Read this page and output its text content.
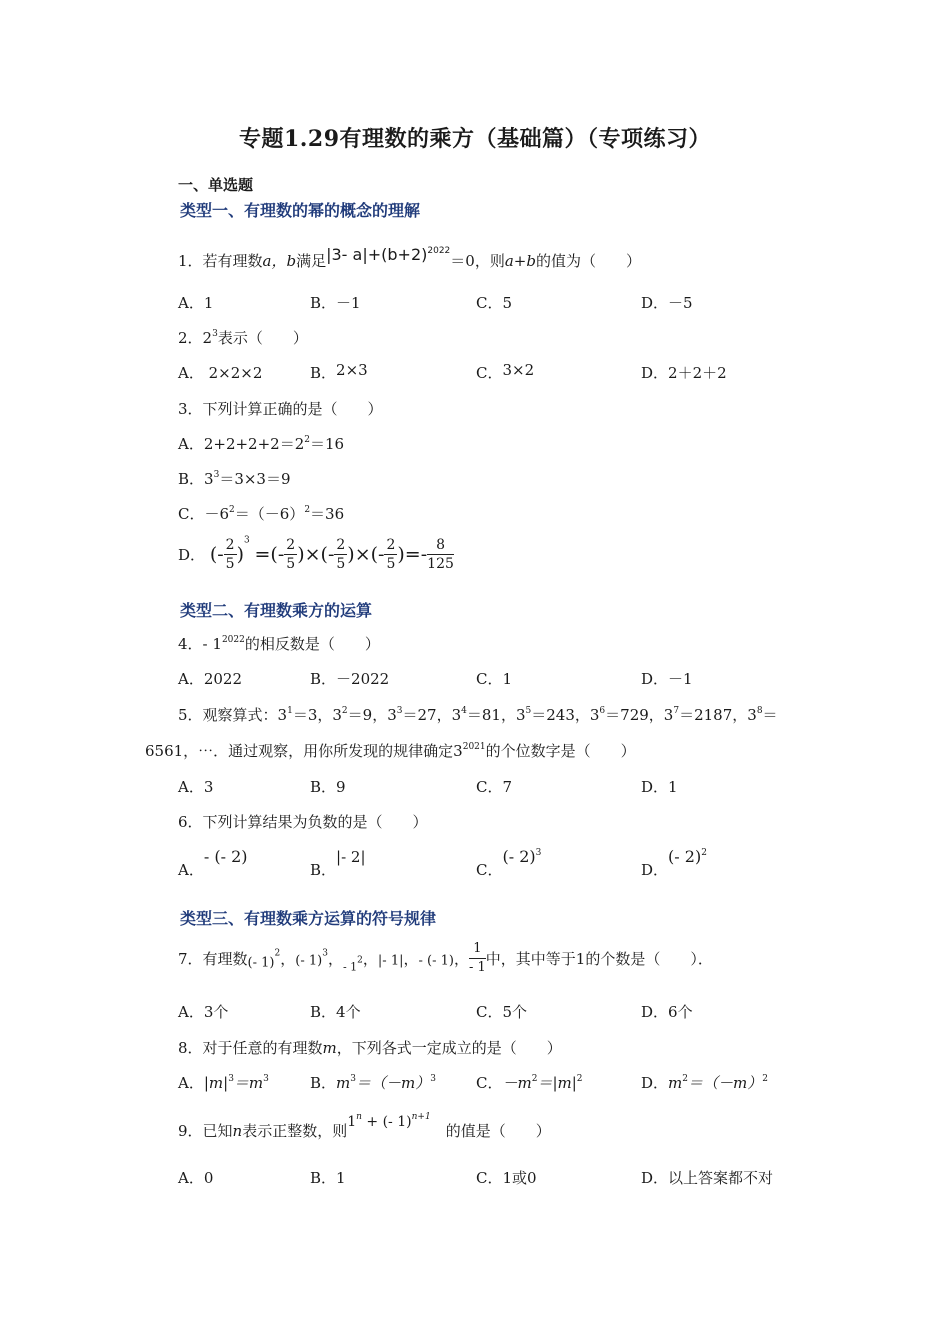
专题1.29有理数的乘方（基础篇）（专项练习）
一、单选题
类型一、有理数的幂的概念的理解
1．若有理数a，b满足|3- $a|+(b+2)^{2022}=0$，则a+b的值为（　　）
A．1	B．－1	C．5	D．－5
2．$2^3$表示（　　）
A． 2×2×2	B．2×3	C．3×2	D．2＋2＋2
3．下列计算正确的是（　　）
A．$2+2+2+2=2^2=16$
B．$3^3=3\times 3=9$
C．$-6^2=(-6)^2=36$
D． (- $\frac{2}{5} )^3$ =(- $\frac{2}{5}$ )×(- $\frac{2}{5}$ )×(- $\frac{2}{5}$ )=- $\frac{8}{125}$
类型二、有理数乘方的运算
4．- $1^{2022}$的相反数是（　　）
A．2022	B．－2022	C．1	D．－1
5．观察算式：$3^1=3$，$3^2=9$，$3^3=27$，$3^4=81$，$3^5=243$，$3^6=729$，$3^7=2187$，$3^8=$
6561，⋯．通过观察，用你所发现的规律确定$3^{2021}$的个位数字是（　　）
A．3	B．9	C．7	D．1
6．下列计算结果为负数的是（　　）
A．- (- 2)
B．|- 2|
C．(- 2)$^3$
D．(- 2)$^2$
类型三、有理数乘方运算的符号规律
7．有理数(- 1)$^2$，(- 1)$^3$，$_{- 1}$2，|- 1|，- (- 1)， $\frac{1}{- 1}$ 中，其中等于1的个数是（　　）．
A．3个	B．4个	C．5个	D．6个
8．对于任意的有理数m，下列各式一定成立的是（　　）
A．$|m|^3=m^3$	B．$m^3=(-m)^3$	C．$-m^2=|m|^2$	D．$m^2=(-m)^2$
9．已知n表示正整数，则$1^n$ + (- 1)$^{n+1}$　的值是（　　）
A．0	B．1	C．1或0	D．以上答案都不对
